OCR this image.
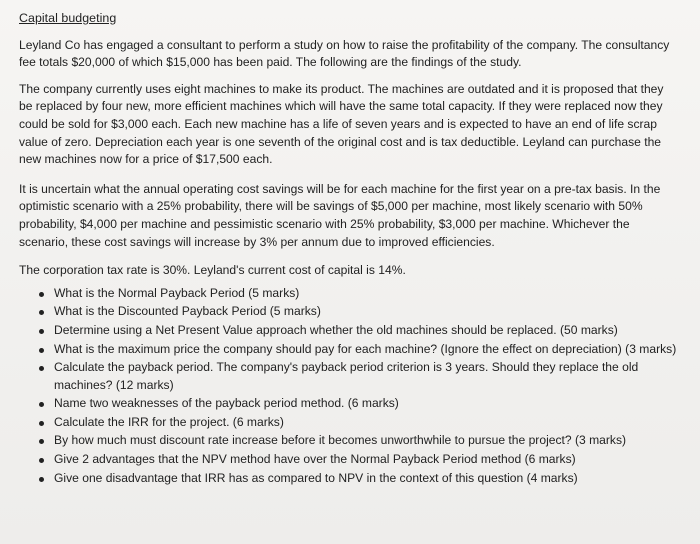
Capital budgeting

Leyland Co has engaged a consultant to perform a study on how to raise the profitability of the company. The consultancy fee totals $20,000 of which $15,000 has been paid. The following are the findings of the study.

The company currently uses eight machines to make its product. The machines are outdated and it is proposed that they be replaced by four new, more efficient machines which will have the same total capacity. If they were replaced now they could be sold for $3,000 each. Each new machine has a life of seven years and is expected to have an end of life scrap value of zero. Depreciation each year is one seventh of the original cost and is tax deductible. Leyland can purchase the new machines now for a price of $17,500 each.

It is uncertain what the annual operating cost savings will be for each machine for the first year on a pre-tax basis. In the optimistic scenario with a 25% probability, there will be savings of $5,000 per machine, most likely scenario with 50% probability, $4,000 per machine and pessimistic scenario with 25% probability, $3,000 per machine. Whichever the scenario, these cost savings will increase by 3% per annum due to improved efficiencies.

The corporation tax rate is 30%. Leyland's current cost of capital is 14%.

What is the Normal Payback Period (5 marks)
What is the Discounted Payback Period (5 marks)
Determine using a Net Present Value approach whether the old machines should be replaced. (50 marks)
What is the maximum price the company should pay for each machine? (Ignore the effect on depreciation) (3 marks)
Calculate the payback period. The company's payback period criterion is 3 years. Should they replace the old machines? (12 marks)
Name two weaknesses of the payback period method. (6 marks)
Calculate the IRR for the project. (6 marks)
By how much must discount rate increase before it becomes unworthwhile to pursue the project? (3 marks)
Give 2 advantages that the NPV method have over the Normal Payback Period method (6 marks)
Give one disadvantage that IRR has as compared to NPV in the context of this question (4 marks)
